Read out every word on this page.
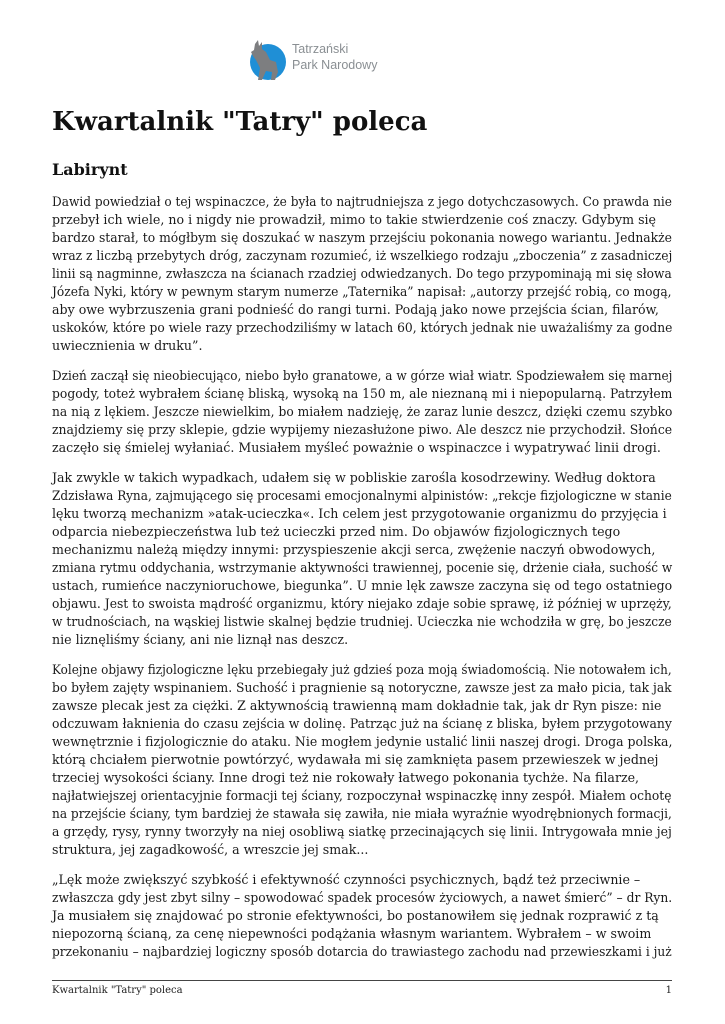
Tatrzański
Park Narodowy
Kwartalnik "Tatry" poleca
Labirynt

Dawid powiedział o tej wspinaczce, że była to najtrudniejsza z jego dotychczasowych. Co prawda nie
przebył ich wiele, no i nigdy nie prowadził, mimo to takie stwierdzenie coś znaczy. Gdybym się
bardzo starał, to mógłbym się doszukać w naszym przejściu pokonania nowego wariantu. Jednakże wraz z liczbą przebytych dróg, zaczynam rozumieć, iż wszelkiego rodzaju „zboczenia” z zasadniczej linii są nagminne, zwłaszcza na ścianach rzadziej odwiedzanych. Do tego przypominają mi się słowa Józefa Nyki, który w pewnym starym numerze „Taternika” napisał: „autorzy przejść robią, co mogą,
aby owe wybrzuszenia grani podnieść do rangi turni. Podają jako nowe przejścia ścian, filarów,
uskoków, które po wiele razy przechodziliśmy w latach 60, których jednak nie uważaliśmy za godne
uwiecznienia w druku”.

Dzień zaczął się nieobiecująco, niebo było granatowe, a w górze wiał wiatr. Spodziewałem się marnej pogody, toteż wybrałem ścianę bliską, wysoką na 150 m, ale nieznaną mi i niepopularną. Patrzyłem na nią z lękiem. Jeszcze niewielkim, bo miałem nadzieję, że zaraz lunie deszcz, dzięki czemu szybko znajdziemy się przy sklepie, gdzie wypijemy niezasłużone piwo. Ale deszcz nie przychodził. Słońce
zaczęło się śmielej wyłaniać. Musiałem myśleć poważnie o wspinaczce i wypatrywać linii drogi.

Jak zwykle w takich wypadkach, udałem się w pobliskie zarośla kosodrzewiny. Według doktora
Zdzisława Ryna, zajmującego się procesami emocjonalnymi alpinistów: „rekcje fizjologiczne w stanie
lęku tworzą mechanizm »atak-ucieczka«. Ich celem jest przygotowanie organizmu do przyjęcia i
odparcia niebezpieczeństwa lub też ucieczki przed nim. Do objawów fizjologicznych tego
mechanizmu należą między innymi: przyspieszenie akcji serca, zwężenie naczyń obwodowych,
zmiana rytmu oddychania, wstrzymanie aktywności trawiennej, pocenie się, drżenie ciała, suchość w ustach, rumieńce naczynioruchowe, biegunka”. U mnie lęk zawsze zaczyna się od tego ostatniego objawu. Jest to swoista mądrość organizmu, który niejako zdaje sobie sprawę, iż później w uprzęży, w trudnościach, na wąskiej listwie skalnej będzie trudniej. Ucieczka nie wchodziła w grę, bo jeszcze
nie liznęliśmy ściany, ani nie liznął nas deszcz.

Kolejne objawy fizjologiczne lęku przebiegały już gdzieś poza moją świadomością. Nie notowałem ich, bo byłem zajęty wspinaniem. Suchość i pragnienie są notoryczne, zawsze jest za mało picia, tak jak
zawsze plecak jest za ciężki. Z aktywnością trawienną mam dokładnie tak, jak dr Ryn pisze: nie
odczuwam łaknienia do czasu zejścia w dolinę. Patrząc już na ścianę z bliska, byłem przygotowany wewnętrznie i fizjologicznie do ataku. Nie mogłem jedynie ustalić linii naszej drogi. Droga polska,
którą chciałem pierwotnie powtórzyć, wydawała mi się zamknięta pasem przewieszek w jednej
trzeciej wysokości ściany. Inne drogi też nie rokowały łatwego pokonania tychże. Na filarze,
najłatwiejszej orientacyjnie formacji tej ściany, rozpoczynał wspinaczkę inny zespół. Miałem ochotę na przejście ściany, tym bardziej że stawała się zawiła, nie miała wyraźnie wyodrębnionych formacji, a grzędy, rysy, rynny tworzyły na niej osobliwą siatkę przecinających się linii. Intrygowała mnie jej
struktura, jej zagadkowość, a wreszcie jej smak...

„Lęk może zwiększyć szybkość i efektywność czynności psychicznych, bądź też przeciwnie –
zwłaszcza gdy jest zbyt silny – spowodować spadek procesów życiowych, a nawet śmierć” – dr Ryn.
Ja musiałem się znajdować po stronie efektywności, bo postanowiłem się jednak rozprawić z tą
niepozorną ścianą, za cenę niepewności podążania własnym wariantem. Wybrałem – w swoim
przekonaniu – najbardziej logiczny sposób dotarcia do trawiastego zachodu nad przewieszkami i już

Kwartalnik "Tatry" poleca	1
